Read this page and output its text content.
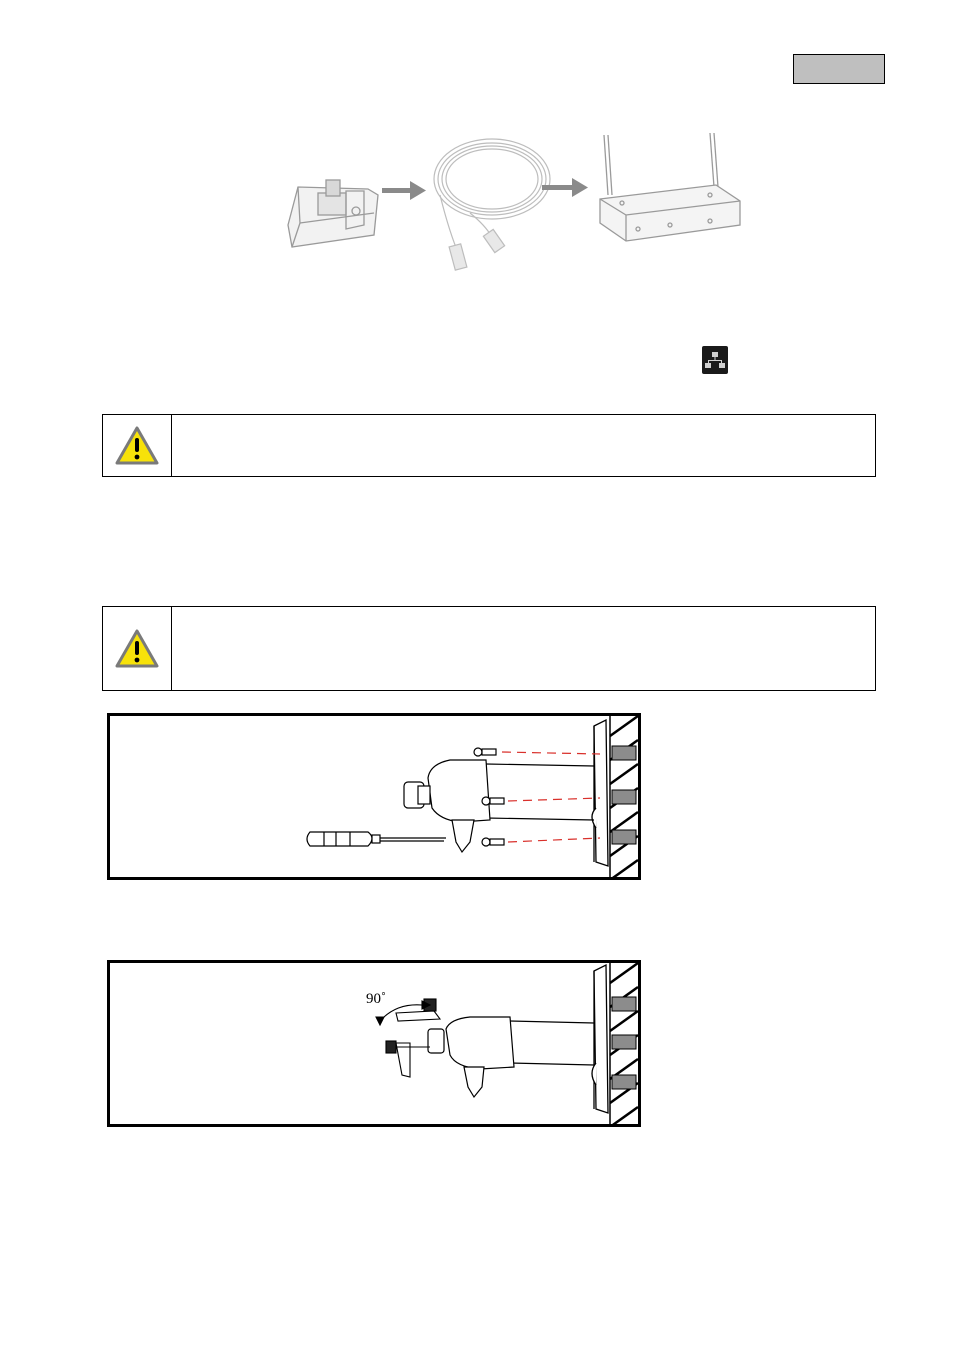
90˚
